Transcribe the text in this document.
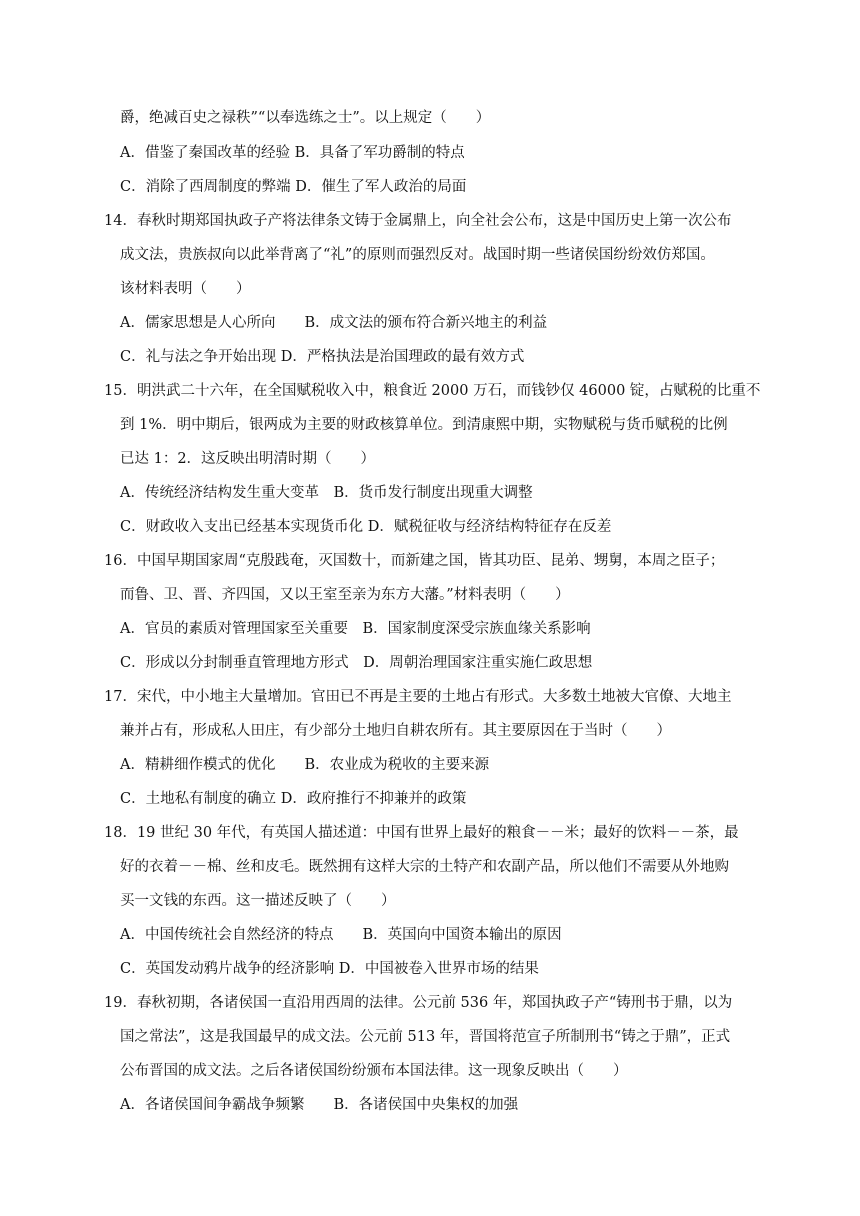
爵，绝减百史之禄秩”“以奉选练之士”。以上规定（　　）
A．借鉴了秦国改革的经验 B．具备了军功爵制的特点
C．消除了西周制度的弊端 D．催生了军人政治的局面
14．春秋时期郑国执政子产将法律条文铸于金属鼎上，向全社会公布，这是中国历史上第一次公布
成文法，贵族叔向以此举背离了“礼”的原则而强烈反对。战国时期一些诸侯国纷纷效仿郑国。
该材料表明（　　）
A．儒家思想是人心所向　　B．成文法的颁布符合新兴地主的利益
C．礼与法之争开始出现 D．严格执法是治国理政的最有效方式
15．明洪武二十六年，在全国赋税收入中，粮食近 2000 万石，而钱钞仅 46000 锭，占赋税的比重不
到 1%．明中期后，银两成为主要的财政核算单位。到清康熙中期，实物赋税与货币赋税的比例
已达 1：2．这反映出明清时期（　　）
A．传统经济结构发生重大变革　B．货币发行制度出现重大调整
C．财政收入支出已经基本实现货币化 D．赋税征收与经济结构特征存在反差
16．中国早期国家周“克殷践奄，灭国数十，而新建之国，皆其功臣、昆弟、甥舅，本周之臣子；
而鲁、卫、晋、齐四国，又以王室至亲为东方大藩。”材料表明（　　）
A．官员的素质对管理国家至关重要　B．国家制度深受宗族血缘关系影响
C．形成以分封制垂直管理地方形式　D．周朝治理国家注重实施仁政思想
17．宋代，中小地主大量增加。官田已不再是主要的土地占有形式。大多数土地被大官僚、大地主
兼并占有，形成私人田庄，有少部分土地归自耕农所有。其主要原因在于当时（　　）
A．精耕细作模式的优化　　B．农业成为税收的主要来源
C．土地私有制度的确立 D．政府推行不抑兼并的政策
18．19 世纪 30 年代，有英国人描述道：中国有世界上最好的粮食－－米；最好的饮料－－茶，最
好的衣着－－棉、丝和皮毛。既然拥有这样大宗的土特产和农副产品，所以他们不需要从外地购
买一文钱的东西。这一描述反映了（　　）
A．中国传统社会自然经济的特点　　B．英国向中国资本输出的原因
C．英国发动鸦片战争的经济影响 D．中国被卷入世界市场的结果
19．春秋初期，各诸侯国一直沿用西周的法律。公元前 536 年，郑国执政子产“铸刑书于鼎，以为
国之常法”，这是我国最早的成文法。公元前 513 年，晋国将范宣子所制刑书“铸之于鼎”，正式
公布晋国的成文法。之后各诸侯国纷纷颁布本国法律。这一现象反映出（　　）
A．各诸侯国间争霸战争频繁　　B．各诸侯国中央集权的加强
